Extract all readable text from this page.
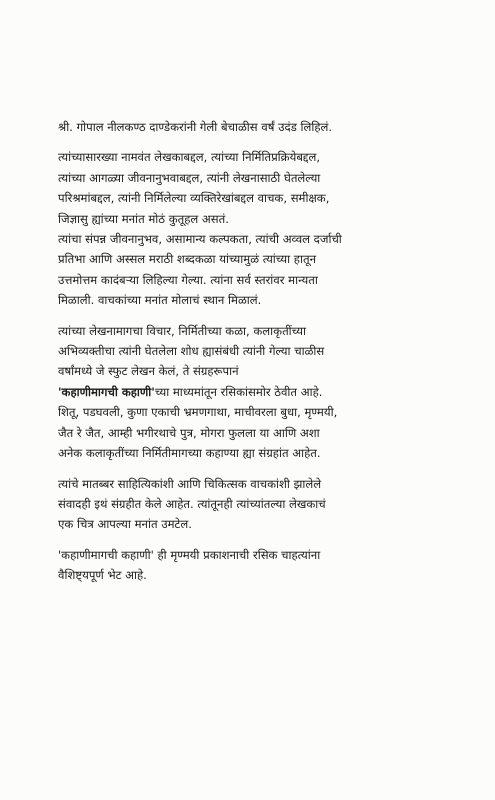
श्री. गोपाल नीलकण्ठ दाण्डेकरांनी गेली बेचाळीस वर्षं उदंड लिहिलं.

त्यांच्यासारख्या नामवंत लेखकाबद्दल, त्यांच्या निर्मितिप्रक्रियेबद्दल,
त्यांच्या आगळ्या जीवनानुभवाबद्दल, त्यांनी लेखनासाठी घेतलेल्या
परिश्रमांबद्दल, त्यांनी निर्मिलेल्या व्यक्तिरेखांबद्दल वाचक, समीक्षक,
जिज्ञासु ह्यांच्या मनांत मोठं कुतूहल असतं.

त्यांचा संपन्न जीवनानुभव, असामान्य कल्पकता, त्यांची अव्वल दर्जाची
प्रतिभा आणि अस्सल मराठी शब्दकळा यांच्यामुळं त्यांच्या हातून
उत्तमोत्तम कादंबऱ्या लिहिल्या गेल्या. त्यांना सर्व स्तरांवर मान्यता
मिळाली. वाचकांच्या मनांत मोलाचं स्थान मिळालं.

त्यांच्या लेखनामागचा विचार, निर्मितीच्या कळा, कलाकृतींच्या
अभिव्यक्तीचा त्यांनी घेतलेला शोध ह्यासंबंधी त्यांनी गेल्या चाळीस
वर्षांमध्ये जे स्फुट लेखन केलं, ते संग्रहरूपानं
'कहाणीमागची कहाणी'च्या माध्यमांतून रसिकांसमोर ठेवीत आहे.
शितू, पडघवली, कुणा एकाची भ्रमणगाथा, माचीवरला बुधा, मृण्मयी,
जैत रे जैत, आम्ही भगीरथाचे पुत्र, मोगरा फुलला या आणि अशा
अनेक कलाकृतींच्या निर्मितीमागच्या कहाण्या ह्या संग्रहांत आहेत.

त्यांचे मातब्बर साहित्यिकांशी आणि चिकित्सक वाचकांशी झालेले
संवादही इथं संग्रहीत केले आहेत. त्यांतूनही त्यांच्यांतल्या लेखकाचं
एक चित्र आपल्या मनांत उमटेल.

'कहाणीमागची कहाणी' ही मृण्मयी प्रकाशनाची रसिक चाहत्यांना
वैशिष्ट्यपूर्ण भेट आहे.
